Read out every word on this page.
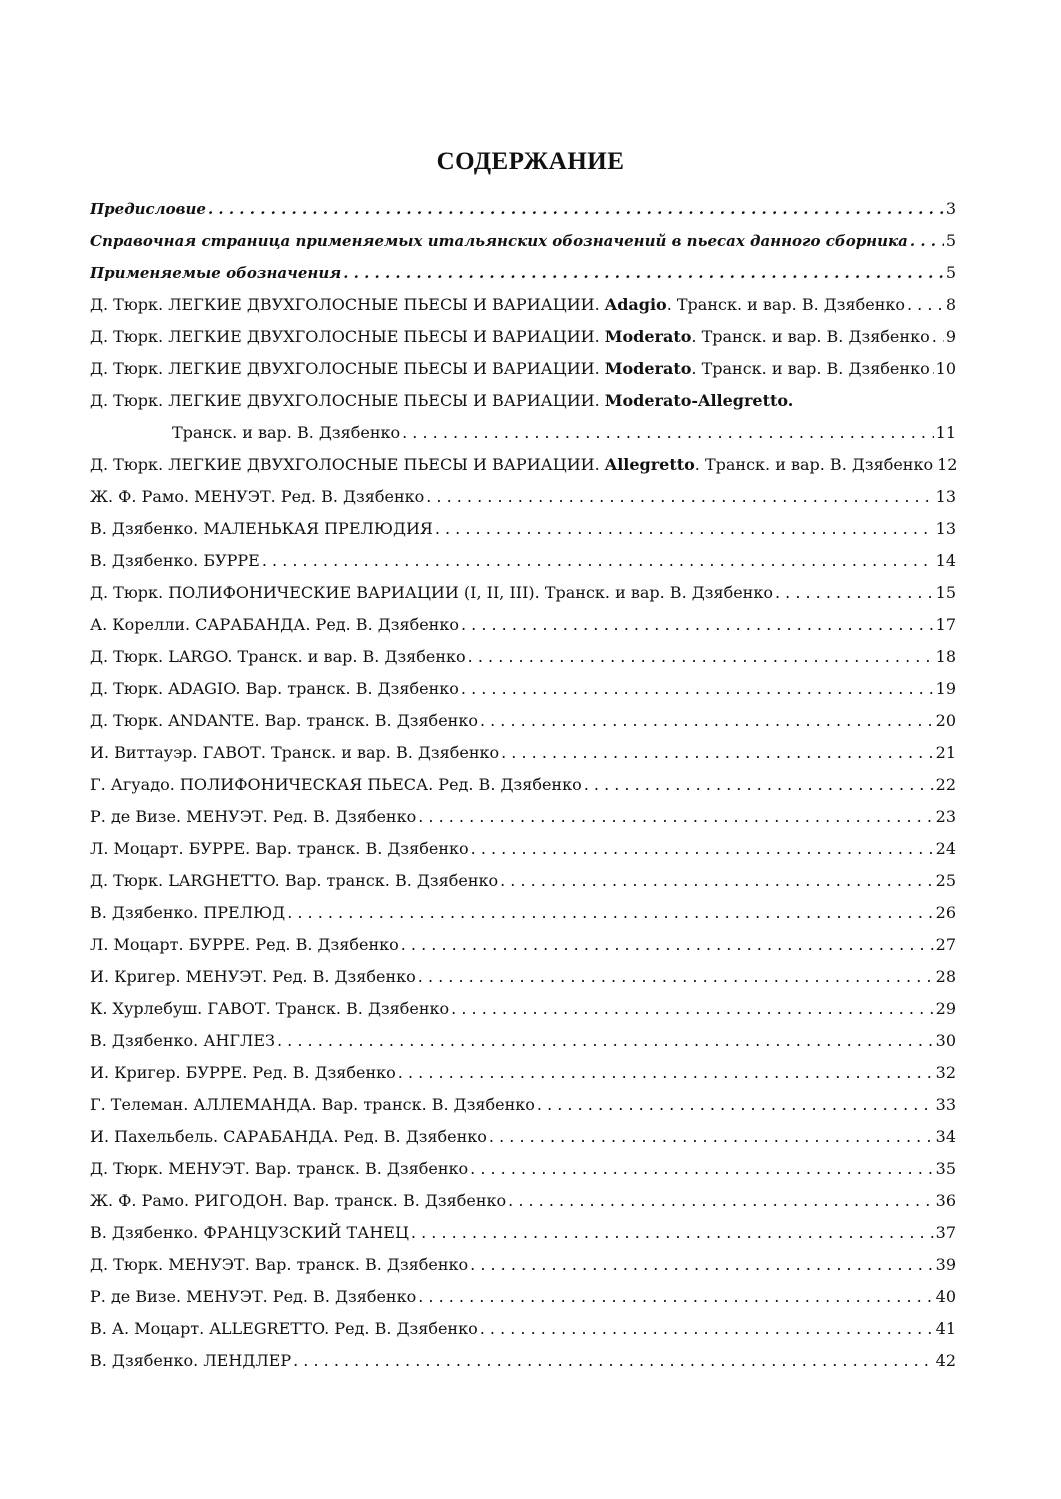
СОДЕРЖАНИЕ
Предисловие . . .	3
Справочная страница применяемых итальянских обозначений в пьесах данного сборника . . . 5
Применяемые обозначения . . .	5
Д. Тюрк. ЛЕГКИЕ ДВУХГОЛОСНЫЕ ПЬЕСЫ И ВАРИАЦИИ. Adagio. Транск. и вар. В. Дзябенко . . .	8
Д. Тюрк. ЛЕГКИЕ ДВУХГОЛОСНЫЕ ПЬЕСЫ И ВАРИАЦИИ. Moderato. Транск. и вар. В. Дзябенко . . . 9
Д. Тюрк. ЛЕГКИЕ ДВУХГОЛОСНЫЕ ПЬЕСЫ И ВАРИАЦИИ. Moderato. Транск. и вар. В. Дзябенко . . . 10
Д. Тюрк. ЛЕГКИЕ ДВУХГОЛОСНЫЕ ПЬЕСЫ И ВАРИАЦИИ. Moderato-Allegretto.
Транск. и вар. В. Дзябенко . . .	11
Д. Тюрк. ЛЕГКИЕ ДВУХГОЛОСНЫЕ ПЬЕСЫ И ВАРИАЦИИ. Allegretto. Транск. и вар. В. Дзябенко 12
Ж. Ф. Рамо. МЕНУЭТ. Ред. В. Дзябенко . . .	13
В. Дзябенко. МАЛЕНЬКАЯ ПРЕЛЮДИЯ . . .	13
В. Дзябенко. БУРРЕ . . .	14
Д. Тюрк. ПОЛИФОНИЧЕСКИЕ ВАРИАЦИИ (I, II, III). Транск. и вар. В. Дзябенко . . .	15
А. Корелли. САРАБАНДА. Ред. В. Дзябенко . . .	17
Д. Тюрк. LARGO. Транск. и вар. В. Дзябенко . . .	18
Д. Тюрк. ADAGIO. Вар. транск. В. Дзябенко . . .	19
Д. Тюрк. ANDANTE. Вар. транск. В. Дзябенко . . .	20
И. Виттауэр. ГАВОТ. Транск. и вар. В. Дзябенко . . .	21
Г. Агуадо. ПОЛИФОНИЧЕСКАЯ ПЬЕСА. Ред. В. Дзябенко . . .	22
Р. де Визе. МЕНУЭТ. Ред. В. Дзябенко . . .	23
Л. Моцарт. БУРРЕ. Вар. транск. В. Дзябенко . . .	24
Д. Тюрк. LARGHETTO. Вар. транск. В. Дзябенко . . .	25
В. Дзябенко. ПРЕЛЮД . . .	26
Л. Моцарт. БУРРЕ. Ред. В. Дзябенко . . .	27
И. Кригер. МЕНУЭТ. Ред. В. Дзябенко . . .	28
К. Хурлебуш. ГАВОТ. Транск. В. Дзябенко . . .	29
В. Дзябенко. АНГЛЕЗ . . .	30
И. Кригер. БУРРЕ. Ред. В. Дзябенко . . .	32
Г. Телеман. АЛЛЕМАНДА. Вар. транск. В. Дзябенко . . .	33
И. Пахельбель. САРАБАНДА. Ред. В. Дзябенко . . .	34
Д. Тюрк. МЕНУЭТ. Вар. транск. В. Дзябенко . . .	35
Ж. Ф. Рамо. РИГОДОН. Вар. транск. В. Дзябенко . . .	36
В. Дзябенко. ФРАНЦУЗСКИЙ ТАНЕЦ . . .	37
Д. Тюрк. МЕНУЭТ. Вар. транск. В. Дзябенко . . .	39
Р. де Визе. МЕНУЭТ. Ред. В. Дзябенко . . .	40
В. А. Моцарт. ALLEGRETTO. Ред. В. Дзябенко . . .	41
В. Дзябенко. ЛЕНДЛЕР . . .	42
